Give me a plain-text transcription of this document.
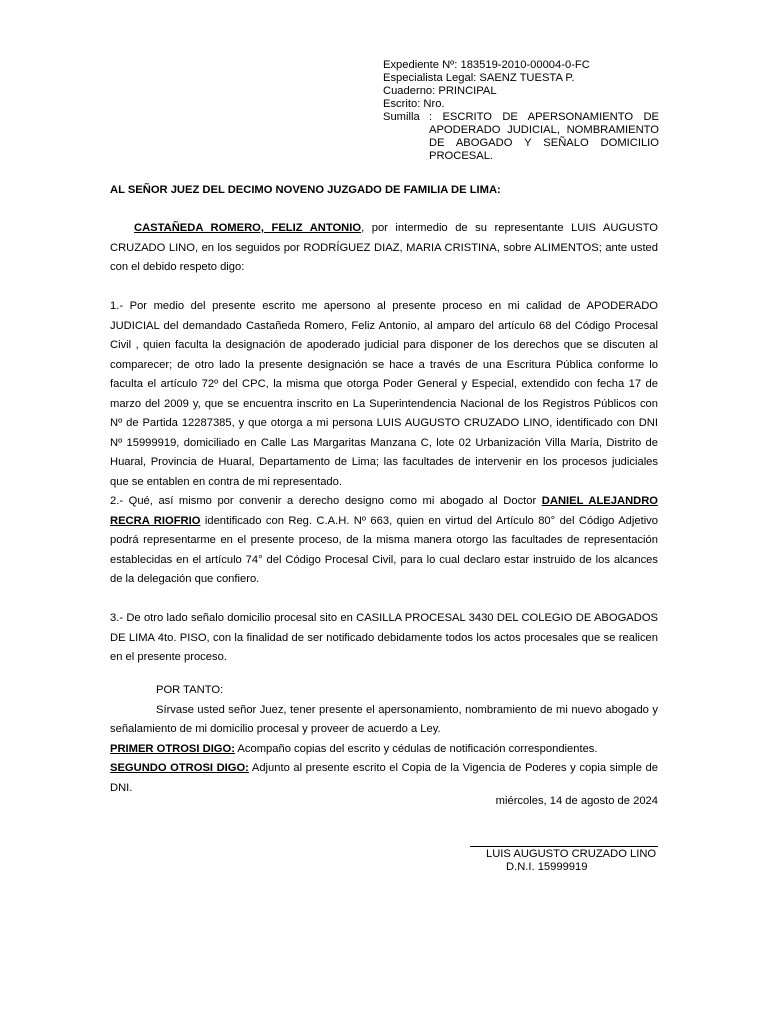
Expediente Nº: 183519-2010-00004-0-FC
Especialista Legal: SAENZ TUESTA P.
Cuaderno: PRINCIPAL
Escrito: Nro.
Sumilla : ESCRITO DE APERSONAMIENTO DE
APODERADO JUDICIAL, NOMBRAMIENTO DE ABOGADO Y SEÑALO DOMICILIO PROCESAL.
AL SEÑOR JUEZ DEL DECIMO NOVENO JUZGADO DE FAMILIA DE LIMA:
CASTAÑEDA ROMERO, FELIZ ANTONIO, por intermedio de su representante LUIS AUGUSTO CRUZADO LINO, en los seguidos por RODRÍGUEZ DIAZ, MARIA CRISTINA, sobre ALIMENTOS; ante usted con el debido respeto digo:
1.- Por medio del presente escrito me apersono al presente proceso en mi calidad de APODERADO JUDICIAL del demandado Castañeda Romero, Feliz Antonio, al amparo del artículo 68 del Código Procesal Civil , quien faculta la designación de apoderado judicial para disponer de los derechos que se discuten al comparecer; de otro lado la presente designación se hace a través de una Escritura Pública conforme lo faculta el artículo 72º del CPC, la misma que otorga Poder General y Especial, extendido con fecha 17 de marzo del 2009 y, que se encuentra inscrito en La Superintendencia Nacional de los Registros Públicos con Nº de Partida 12287385, y que otorga a mi persona LUIS AUGUSTO CRUZADO LINO, identificado con DNI Nº 15999919, domiciliado en Calle Las Margaritas Manzana C, lote 02 Urbanización Villa María, Distrito de Huaral, Provincia de Huaral, Departamento de Lima; las facultades de intervenir en los procesos judiciales que se entablen en contra de mi representado.
2.- Qué, así mismo por convenir a derecho designo como mi abogado al Doctor DANIEL ALEJANDRO RECRA RIOFRIO identificado con Reg. C.A.H. Nº 663, quien en virtud del Artículo 80° del Código Adjetivo podrá representarme en el presente proceso, de la misma manera otorgo las facultades de representación establecidas en el artículo 74° del Código Procesal Civil, para lo cual declaro estar instruido de los alcances de la delegación que confiero.
3.- De otro lado señalo domicilio procesal sito en CASILLA PROCESAL 3430 DEL COLEGIO DE ABOGADOS DE LIMA 4to. PISO, con la finalidad de ser notificado debidamente todos los actos procesales que se realicen en el presente proceso.
POR TANTO:
Sírvase usted señor Juez, tener presente el apersonamiento, nombramiento de mi nuevo abogado y señalamiento de mi domicilio procesal y proveer de acuerdo a Ley.
PRIMER OTROSI DIGO: Acompaño copias del escrito y cédulas de notificación correspondientes.
SEGUNDO OTROSI DIGO: Adjunto al presente escrito el Copia de la Vigencia de Poderes y copia simple de DNI.
miércoles, 14 de agosto de 2024
LUIS AUGUSTO CRUZADO LINO
D.N.I. 15999919
